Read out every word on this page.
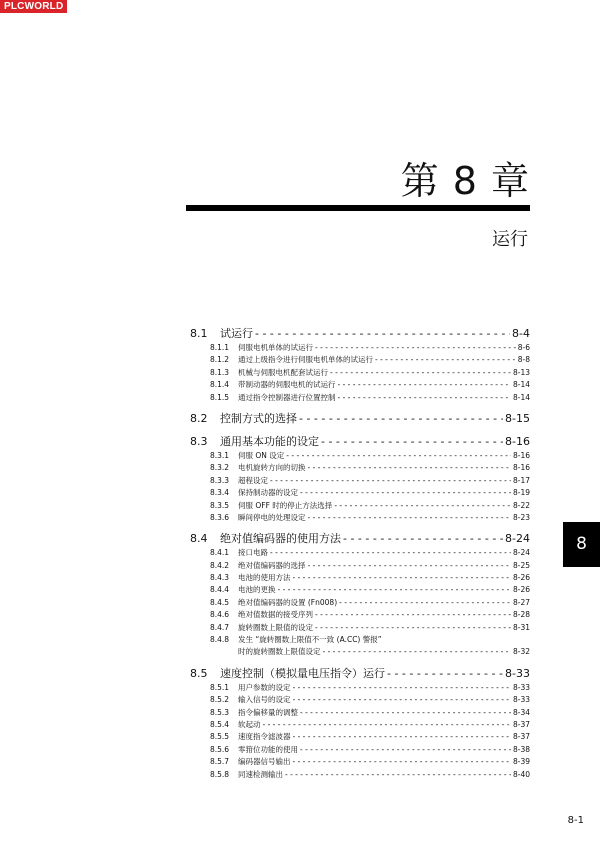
PLCWORLD
第 8 章
运行
8.1	试运行 - - -	8-4
8.1.1	伺服电机单体的试运行 - - -	8-6
8.1.2	通过上级指令进行伺服电机单体的试运行 - - -	8-8
8.1.3	机械与伺服电机配套试运行 - - -	8-13
8.1.4	带制动器的伺服电机的试运行 - - -	8-14
8.1.5	通过指令控制器进行位置控制 - - -	8-14
8.2	控制方式的选择 - - -	8-15
8.3	通用基本功能的设定 - - -	8-16
8.3.1	伺服 ON 设定 - - -	8-16
8.3.2	电机旋转方向的切换 - - -	8-16
8.3.3	超程设定 - - -	8-17
8.3.4	保持制动器的设定 - - -	8-19
8.3.5	伺服 OFF 时的停止方法选择 - - -	8-22
8.3.6	瞬间停电的处理设定 - - -	8-23
8.4	绝对值编码器的使用方法 - - -	8-24
8.4.1	接口电路 - - -	8-24
8.4.2	绝对值编码器的选择 - - -	8-25
8.4.3	电池的使用方法 - - -	8-26
8.4.4	电池的更换 - - -	8-26
8.4.5	绝对值编码器的设置 (Fn008) - - -	8-27
8.4.6	绝对值数据的接受序列 - - -	8-28
8.4.7	旋转圈数上限值的设定 - - -	8-31
8.4.8	发生 “旋转圈数上限值不一致 (A.CC) 警报”
时的旋转圈数上限值设定 - - -	8-32
8.5	速度控制（模拟量电压指令）运行 - - -	8-33
8.5.1	用户参数的设定 - - -	8-33
8.5.2	输入信号的设定 - - -	8-33
8.5.3	指令偏移量的调整 - - -	8-34
8.5.4	软起动 - - -	8-37
8.5.5	速度指令滤波器 - - -	8-37
8.5.6	零箝位功能的使用 - - -	8-38
8.5.7	编码器信号输出 - - -	8-39
8.5.8	同速检测输出 - - -	8-40
8
8-1
